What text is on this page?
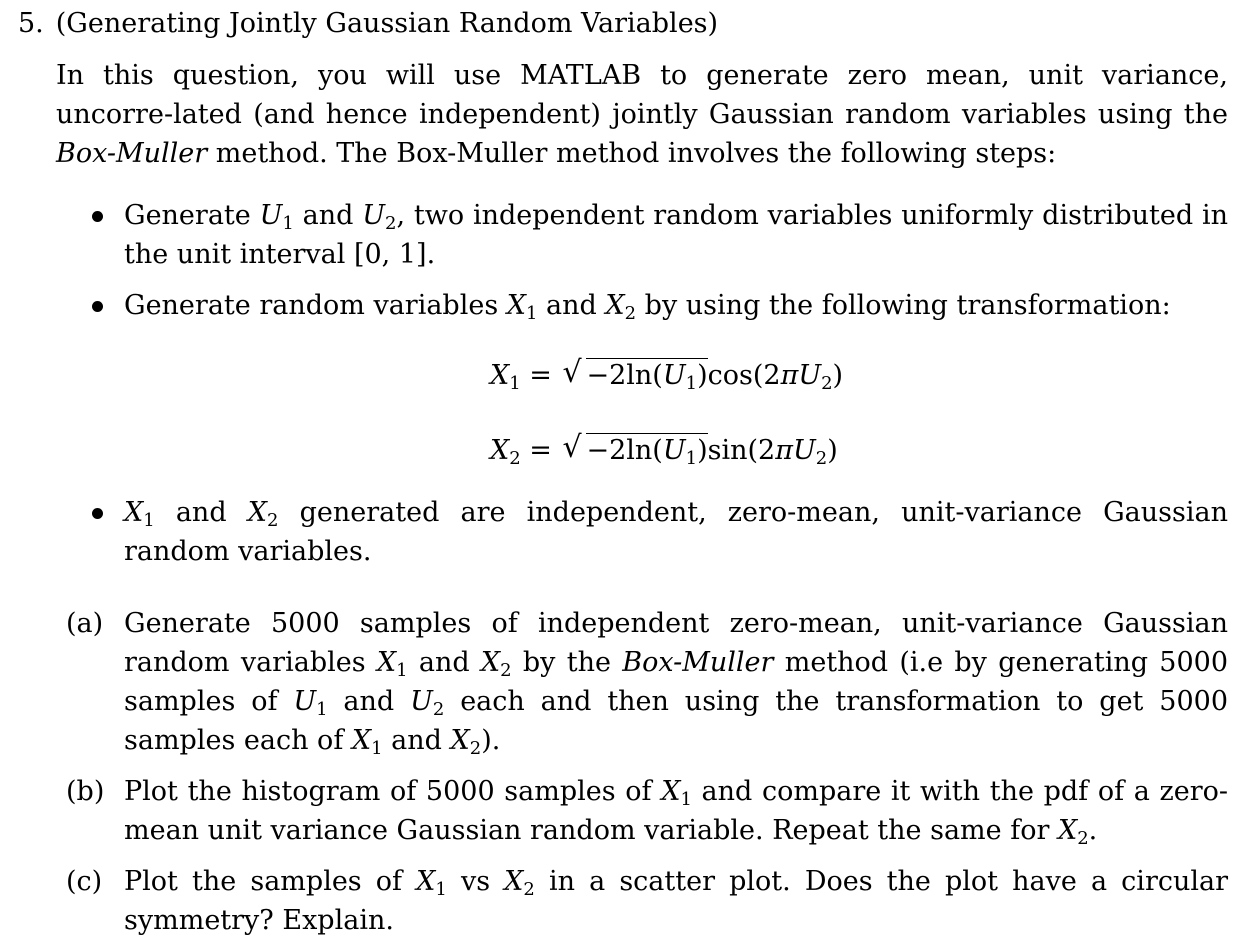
5. (Generating Jointly Gaussian Random Variables)
In this question, you will use MATLAB to generate zero mean, unit variance, uncorre-lated (and hence independent) jointly Gaussian random variables using the Box-Muller method. The Box-Muller method involves the following steps:
Generate $U_1$ and $U_2$, two independent random variables uniformly distributed in the unit interval [0, 1].
Generate random variables $X_1$ and $X_2$ by using the following transformation:
$X_1$ and $X_2$ generated are independent, zero-mean, unit-variance Gaussian random variables.
$X_1$ = √ $-2\ln(U_1)\cos(2\pi U_2)$
$X_2$ = √ $-2\ln(U_1)\sin(2\pi U_2)$
(a) Generate 5000 samples of independent zero-mean, unit-variance Gaussian random variables $X_1$ and $X_2$ by the Box-Muller method (i.e by generating 5000 samples of $U_1$ and $U_2$ each and then using the transformation to get 5000 samples each of $X_1$ and $X_2$).
(b) Plot the histogram of 5000 samples of $X_1$ and compare it with the pdf of a zero-mean unit variance Gaussian random variable. Repeat the same for $X_2$.
(c) Plot the samples of $X_1$ vs $X_2$ in a scatter plot. Does the plot have a circular symmetry? Explain.
